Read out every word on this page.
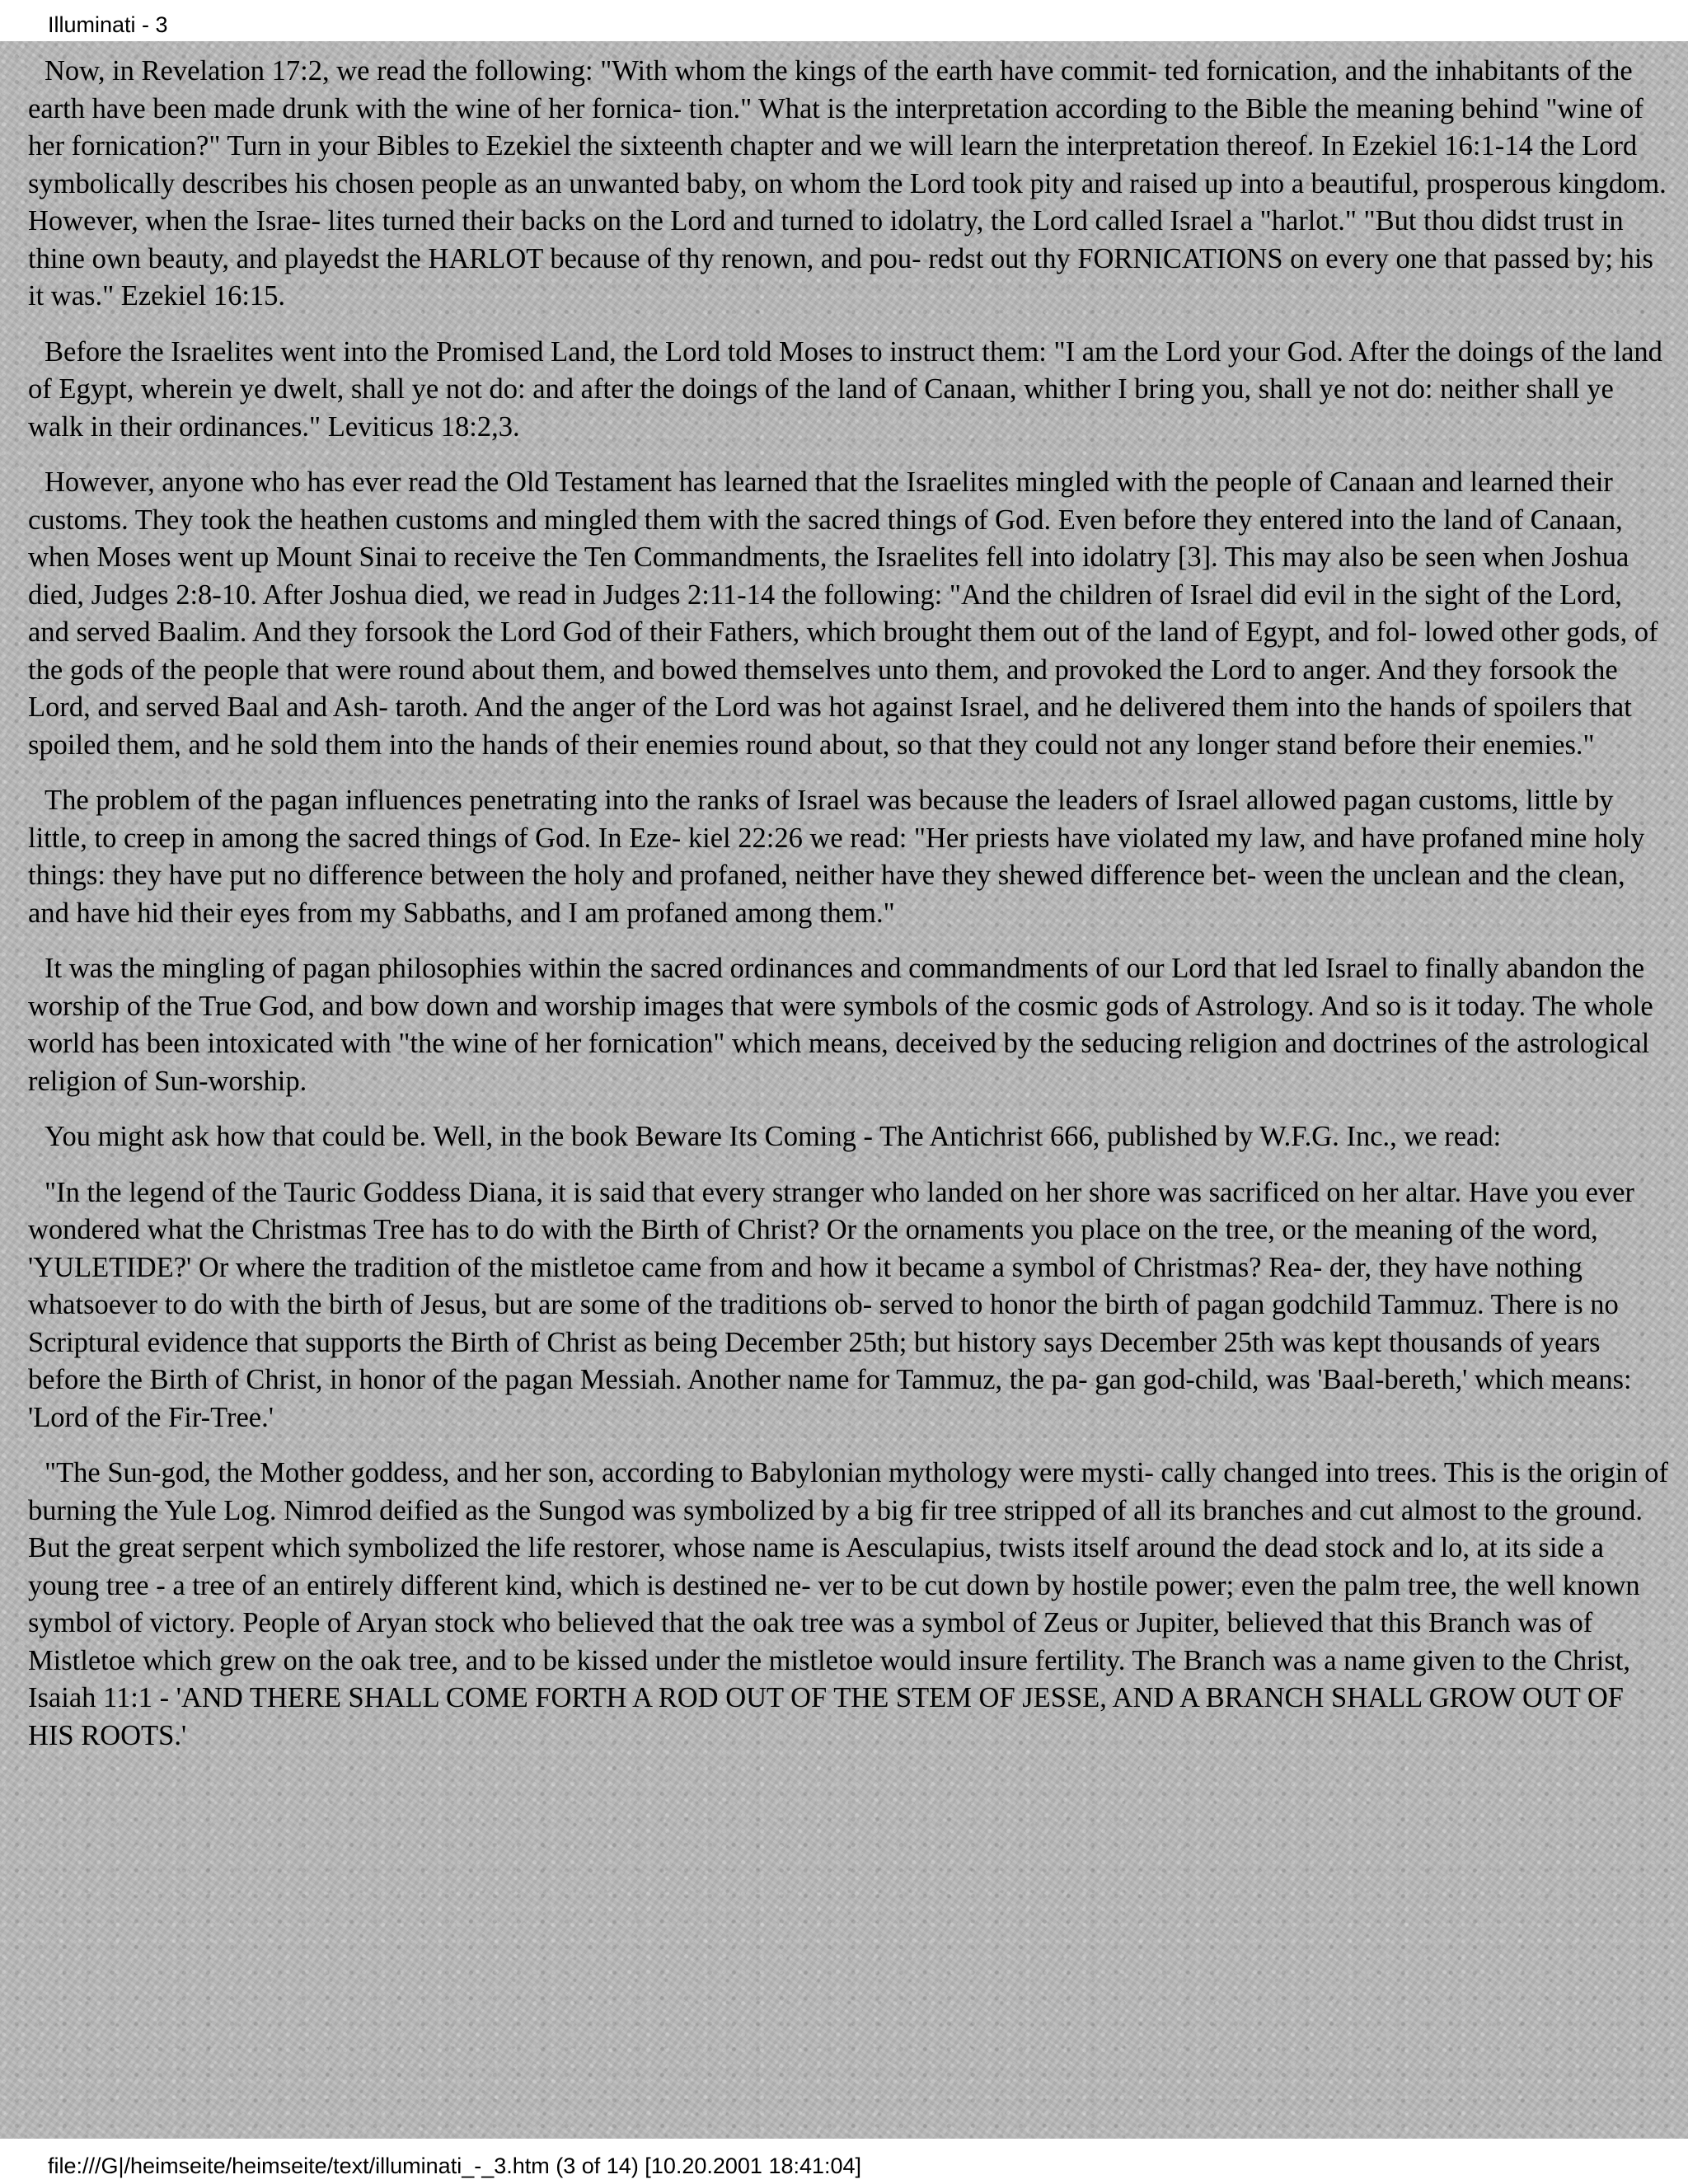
Illuminati - 3

Now, in Revelation 17:2, we read the following: "With whom the kings of the earth have commit- ted fornication, and the inhabitants of the earth have been made drunk with the wine of her fornica- tion." What is the interpretation according to the Bible the meaning behind "wine of her fornication?" Turn in your Bibles to Ezekiel the sixteenth chapter and we will learn the interpretation thereof. In Ezekiel 16:1-14 the Lord symbolically describes his chosen people as an unwanted baby, on whom the Lord took pity and raised up into a beautiful, prosperous kingdom. However, when the Israe- lites turned their backs on the Lord and turned to idolatry, the Lord called Israel a "harlot." "But thou didst trust in thine own beauty, and playedst the HARLOT because of thy renown, and pou- redst out thy FORNICATIONS on every one that passed by; his it was." Ezekiel 16:15.

Before the Israelites went into the Promised Land, the Lord told Moses to instruct them: "I am the Lord your God. After the doings of the land of Egypt, wherein ye dwelt, shall ye not do: and after the doings of the land of Canaan, whither I bring you, shall ye not do: neither shall ye walk in their ordinances." Leviticus 18:2,3.

However, anyone who has ever read the Old Testament has learned that the Israelites mingled with the people of Canaan and learned their customs. They took the heathen customs and mingled them with the sacred things of God. Even before they entered into the land of Canaan, when Moses went up Mount Sinai to receive the Ten Commandments, the Israelites fell into idolatry [3]. This may also be seen when Joshua died, Judges 2:8-10. After Joshua died, we read in Judges 2:11-14 the following: "And the children of Israel did evil in the sight of the Lord, and served Baalim. And they forsook the Lord God of their Fathers, which brought them out of the land of Egypt, and fol- lowed other gods, of the gods of the people that were round about them, and bowed themselves unto them, and provoked the Lord to anger. And they forsook the Lord, and served Baal and Ash- taroth. And the anger of the Lord was hot against Israel, and he delivered them into the hands of spoilers that spoiled them, and he sold them into the hands of their enemies round about, so that they could not any longer stand before their enemies."

The problem of the pagan influences penetrating into the ranks of Israel was because the leaders of Israel allowed pagan customs, little by little, to creep in among the sacred things of God. In Eze- kiel 22:26 we read: "Her priests have violated my law, and have profaned mine holy things: they have put no difference between the holy and profaned, neither have they shewed difference bet- ween the unclean and the clean, and have hid their eyes from my Sabbaths, and I am profaned among them."

It was the mingling of pagan philosophies within the sacred ordinances and commandments of our Lord that led Israel to finally abandon the worship of the True God, and bow down and worship images that were symbols of the cosmic gods of Astrology. And so is it today. The whole world has been intoxicated with "the wine of her fornication" which means, deceived by the seducing religion and doctrines of the astrological religion of Sun-worship.

You might ask how that could be. Well, in the book Beware Its Coming - The Antichrist 666, published by W.F.G. Inc., we read:

"In the legend of the Tauric Goddess Diana, it is said that every stranger who landed on her shore was sacrificed on her altar. Have you ever wondered what the Christmas Tree has to do with the Birth of Christ? Or the ornaments you place on the tree, or the meaning of the word, 'YULETIDE?' Or where the tradition of the mistletoe came from and how it became a symbol of Christmas? Rea- der, they have nothing whatsoever to do with the birth of Jesus, but are some of the traditions ob- served to honor the birth of pagan godchild Tammuz. There is no Scriptural evidence that supports the Birth of Christ as being December 25th; but history says December 25th was kept thousands of years before the Birth of Christ, in honor of the pagan Messiah. Another name for Tammuz, the pa- gan god-child, was 'Baal-bereth,' which means: 'Lord of the Fir-Tree.'

"The Sun-god, the Mother goddess, and her son, according to Babylonian mythology were mysti- cally changed into trees. This is the origin of burning the Yule Log. Nimrod deified as the Sungod was symbolized by a big fir tree stripped of all its branches and cut almost to the ground. But the great serpent which symbolized the life restorer, whose name is Aesculapius, twists itself around the dead stock and lo, at its side a young tree - a tree of an entirely different kind, which is destined ne- ver to be cut down by hostile power; even the palm tree, the well known symbol of victory. People of Aryan stock who believed that the oak tree was a symbol of Zeus or Jupiter, believed that this Branch was of Mistletoe which grew on the oak tree, and to be kissed under the mistletoe would insure fertility. The Branch was a name given to the Christ, Isaiah 11:1 - 'AND THERE SHALL COME FORTH A ROD OUT OF THE STEM OF JESSE, AND A BRANCH SHALL GROW OUT OF HIS ROOTS.'

file:///G|/heimseite/heimseite/text/illuminati_-_3.htm (3 of 14) [10.20.2001 18:41:04]
